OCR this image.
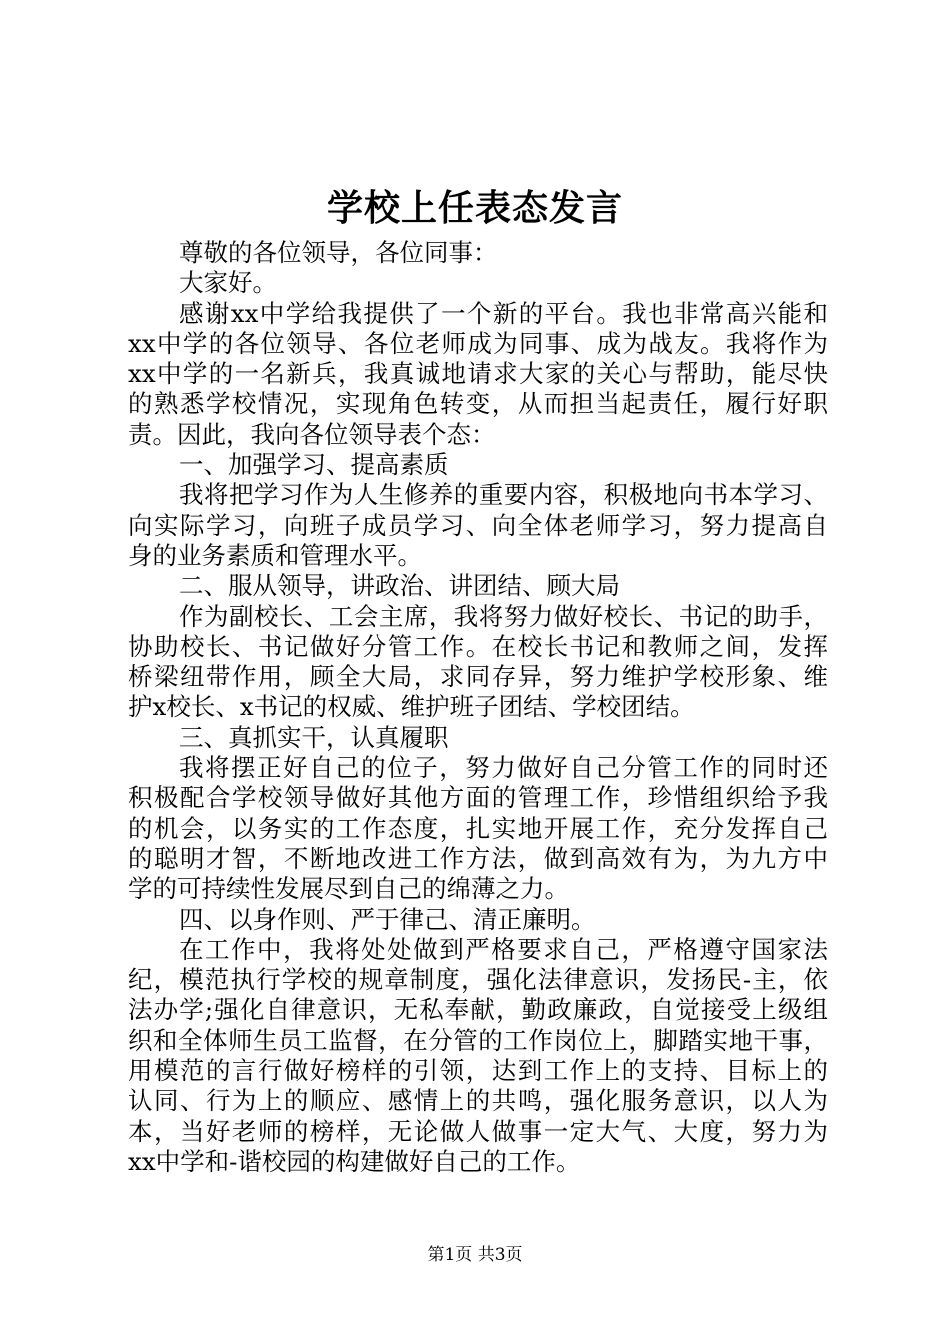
学校上任表态发言
尊敬的各位领导，各位同事：
大家好。
感谢xx中学给我提供了一个新的平台。我也非常高兴能和
xx中学的各位领导、各位老师成为同事、成为战友。我将作为
xx中学的一名新兵，我真诚地请求大家的关心与帮助，能尽快
的熟悉学校情况，实现角色转变，从而担当起责任，履行好职
责。因此，我向各位领导表个态：
一、加强学习、提高素质
我将把学习作为人生修养的重要内容，积极地向书本学习、
向实际学习，向班子成员学习、向全体老师学习，努力提高自
身的业务素质和管理水平。
二、服从领导，讲政治、讲团结、顾大局
作为副校长、工会主席，我将努力做好校长、书记的助手，
协助校长、书记做好分管工作。在校长书记和教师之间，发挥
桥梁纽带作用，顾全大局，求同存异，努力维护学校形象、维
护x校长、x书记的权威、维护班子团结、学校团结。
三、真抓实干，认真履职
我将摆正好自己的位子，努力做好自己分管工作的同时还
积极配合学校领导做好其他方面的管理工作，珍惜组织给予我
的机会，以务实的工作态度，扎实地开展工作，充分发挥自己
的聪明才智，不断地改进工作方法，做到高效有为，为九方中
学的可持续性发展尽到自己的绵薄之力。
四、以身作则、严于律己、清正廉明。
在工作中，我将处处做到严格要求自己，严格遵守国家法
纪，模范执行学校的规章制度，强化法律意识，发扬民-主，依
法办学;强化自律意识，无私奉献，勤政廉政，自觉接受上级组
织和全体师生员工监督，在分管的工作岗位上，脚踏实地干事，
用模范的言行做好榜样的引领，达到工作上的支持、目标上的
认同、行为上的顺应、感情上的共鸣，强化服务意识，以人为
本，当好老师的榜样，无论做人做事一定大气、大度，努力为
xx中学和-谐校园的构建做好自己的工作。
第1页 共3页
